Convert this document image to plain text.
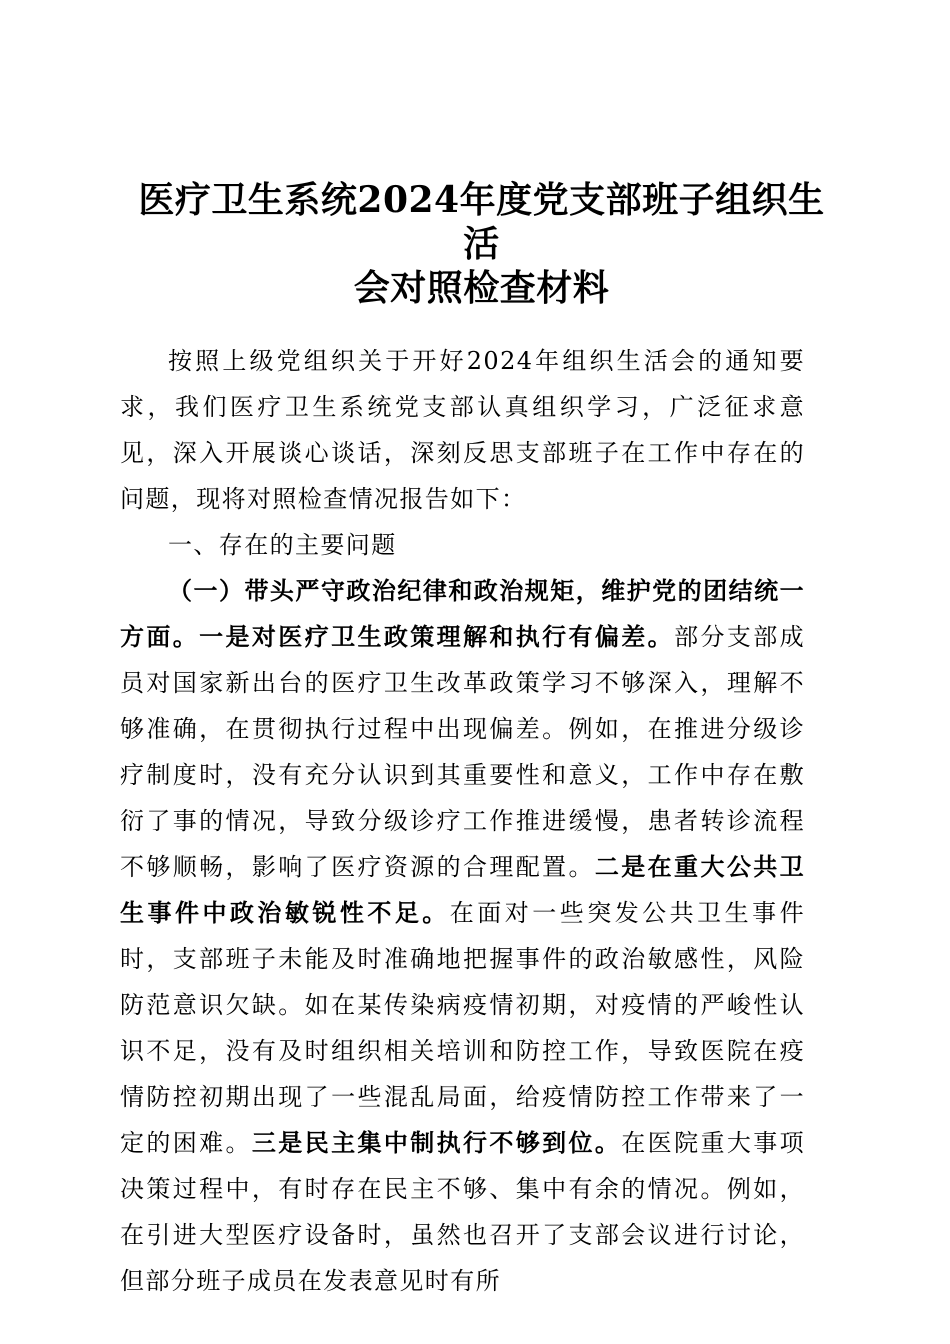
医疗卫生系统2024年度党支部班子组织生活
会对照检查材料

按照上级党组织关于开好2024年组织生活会的通知要求，我们医疗卫生系统党支部认真组织学习，广泛征求意见，深入开展谈心谈话，深刻反思支部班子在工作中存在的问题，现将对照检查情况报告如下：

一、存在的主要问题

（一）带头严守政治纪律和政治规矩，维护党的团结统一方面。一是对医疗卫生政策理解和执行有偏差。部分支部成员对国家新出台的医疗卫生改革政策学习不够深入，理解不够准确，在贯彻执行过程中出现偏差。例如，在推进分级诊疗制度时，没有充分认识到其重要性和意义，工作中存在敷衍了事的情况，导致分级诊疗工作推进缓慢，患者转诊流程不够顺畅，影响了医疗资源的合理配置。二是在重大公共卫生事件中政治敏锐性不足。在面对一些突发公共卫生事件时，支部班子未能及时准确地把握事件的政治敏感性，风险防范意识欠缺。如在某传染病疫情初期，对疫情的严峻性认识不足，没有及时组织相关培训和防控工作，导致医院在疫情防控初期出现了一些混乱局面，给疫情防控工作带来了一定的困难。三是民主集中制执行不够到位。在医院重大事项决策过程中，有时存在民主不够、集中有余的情况。例如，在引进大型医疗设备时，虽然也召开了支部会议进行讨论，但部分班子成员在发表意见时有所
